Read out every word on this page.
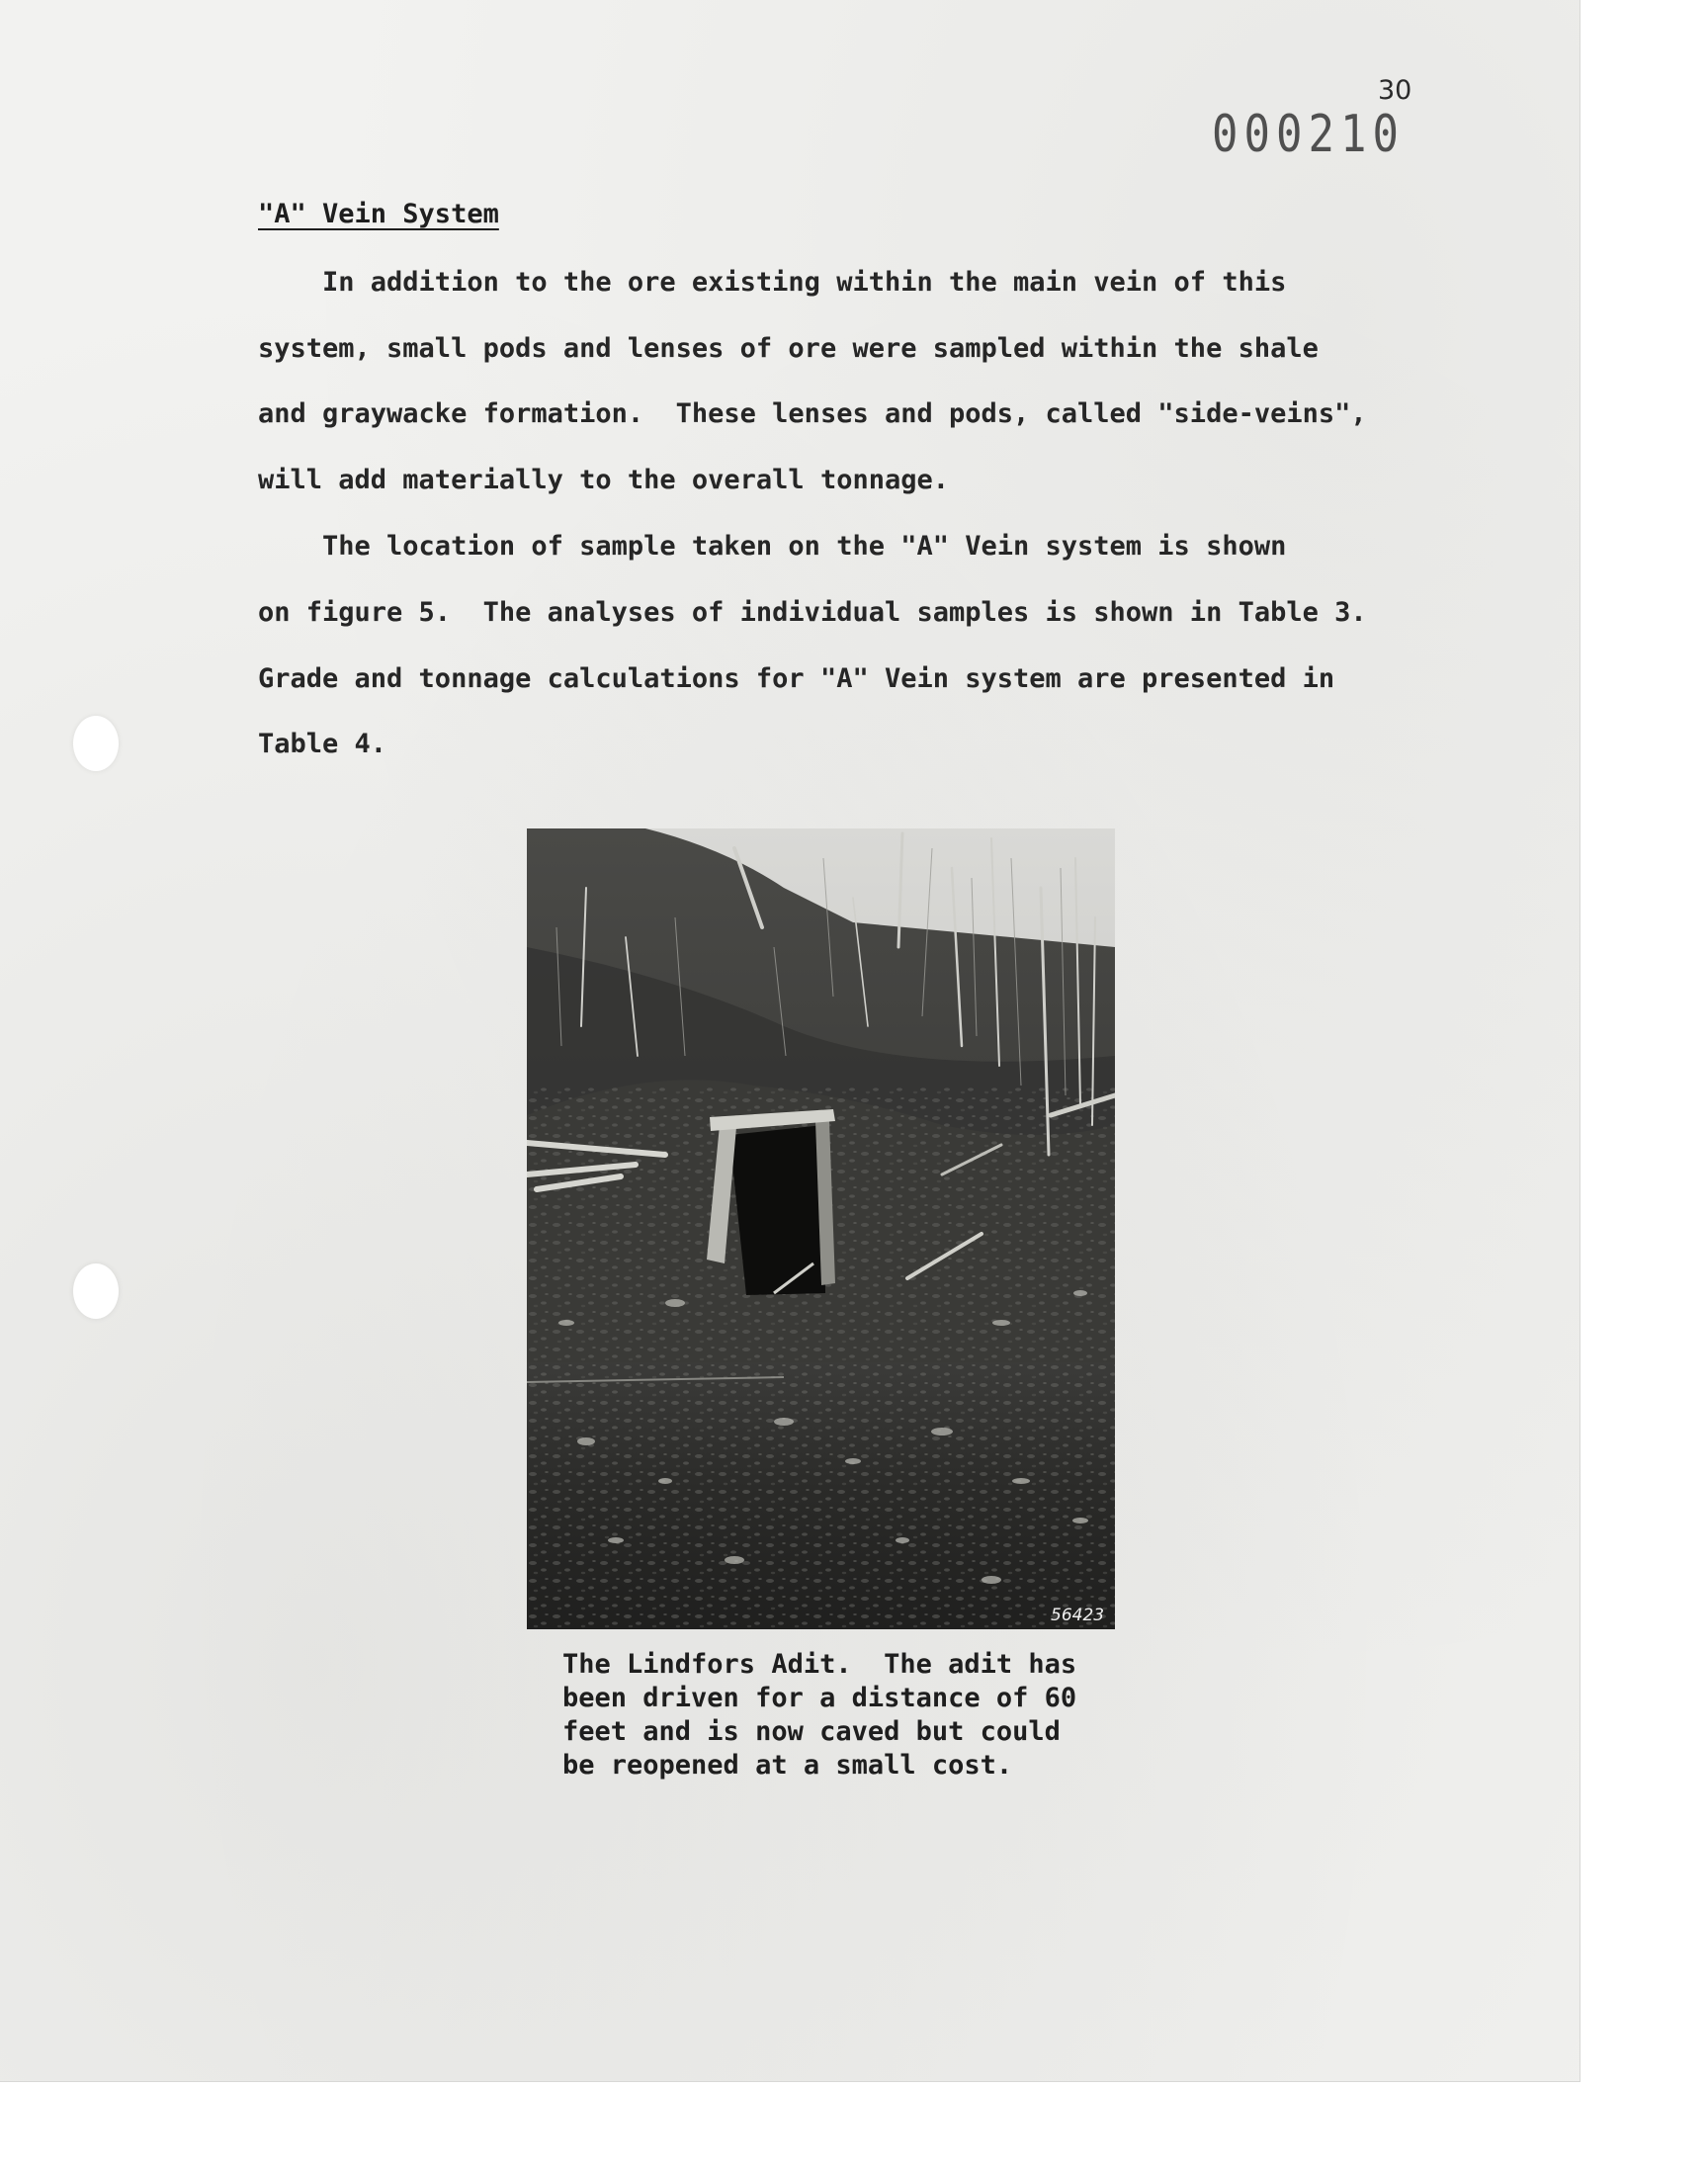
30
000210
"A" Vein System
In addition to the ore existing within the main vein of this
system, small pods and lenses of ore were sampled within the shale
and graywacke formation.  These lenses and pods, called "side-veins",
will add materially to the overall tonnage.
The location of sample taken on the "A" Vein system is shown
on figure 5.  The analyses of individual samples is shown in Table 3.
Grade and tonnage calculations for "A" Vein system are presented in
Table 4.
56423
The Lindfors Adit.  The adit has
been driven for a distance of 60
feet and is now caved but could
be reopened at a small cost.
